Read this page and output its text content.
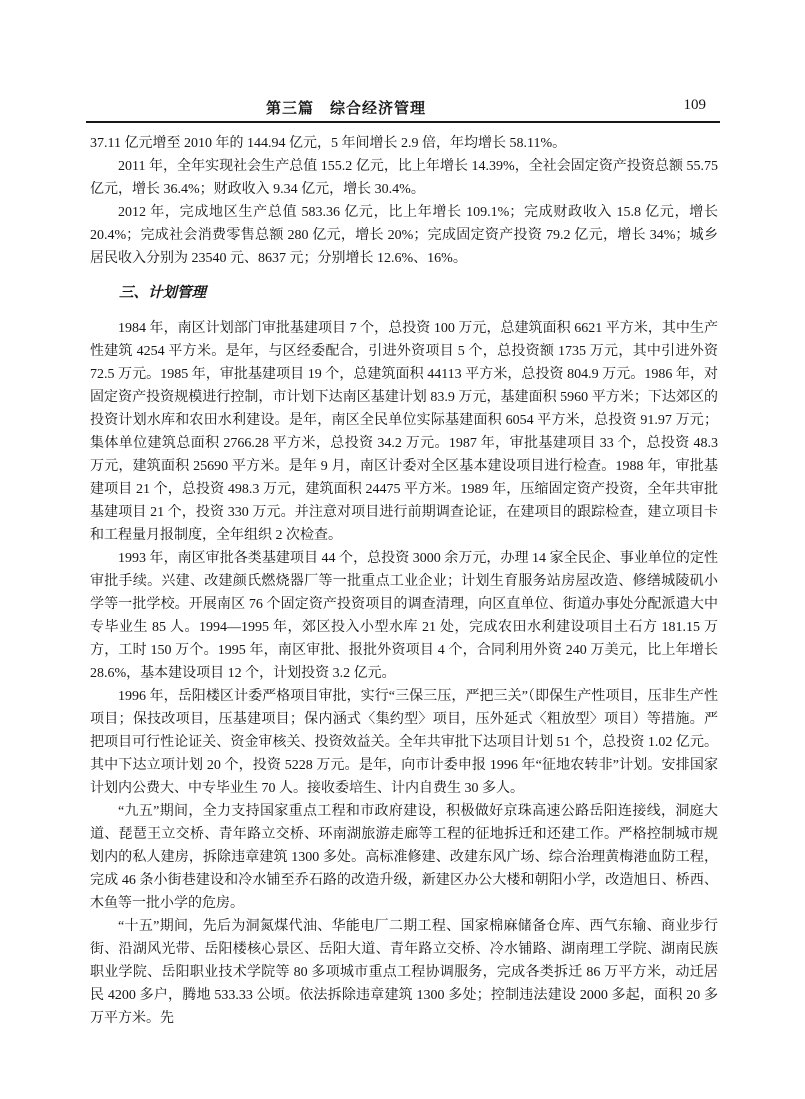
第三篇　综合经济管理	109

37.11 亿元增至 2010 年的 144.94 亿元，5 年间增长 2.9 倍，年均增长 58.11%。

2011 年，全年实现社会生产总值 155.2 亿元，比上年增长 14.39%，全社会固定资产投资总额 55.75 亿元，增长 36.4%；财政收入 9.34 亿元，增长 30.4%。

2012 年，完成地区生产总值 583.36 亿元，比上年增长 109.1%；完成财政收入 15.8 亿元，增长 20.4%；完成社会消费零售总额 280 亿元，增长 20%；完成固定资产投资 79.2 亿元，增长 34%；城乡居民收入分别为 23540 元、8637 元；分别增长 12.6%、16%。

三、计划管理

1984 年，南区计划部门审批基建项目 7 个，总投资 100 万元，总建筑面积 6621 平方米，其中生产性建筑 4254 平方米。是年，与区经委配合，引进外资项目 5 个，总投资额 1735 万元，其中引进外资 72.5 万元。1985 年，审批基建项目 19 个，总建筑面积 44113 平方米，总投资 804.9 万元。1986 年，对固定资产投资规模进行控制，市计划下达南区基建计划 83.9 万元，基建面积 5960 平方米；下达郊区的投资计划水库和农田水利建设。是年，南区全民单位实际基建面积 6054 平方米，总投资 91.97 万元；集体单位建筑总面积 2766.28 平方米，总投资 34.2 万元。1987 年，审批基建项目 33 个，总投资 48.3 万元，建筑面积 25690 平方米。是年 9 月，南区计委对全区基本建设项目进行检查。1988 年，审批基建项目 21 个，总投资 498.3 万元，建筑面积 24475 平方米。1989 年，压缩固定资产投资，全年共审批基建项目 21 个，投资 330 万元。并注意对项目进行前期调查论证，在建项目的跟踪检查，建立项目卡和工程量月报制度，全年组织 2 次检查。

1993 年，南区审批各类基建项目 44 个，总投资 3000 余万元，办理 14 家全民企、事业单位的定性审批手续。兴建、改建颜氏燃烧器厂等一批重点工业企业；计划生育服务站房屋改造、修缮城陵矶小学等一批学校。开展南区 76 个固定资产投资项目的调查清理，向区直单位、街道办事处分配派遣大中专毕业生 85 人。1994—1995 年，郊区投入小型水库 21 处，完成农田水利建设项目土石方 181.15 万方，工时 150 万个。1995 年，南区审批、报批外资项目 4 个，合同利用外资 240 万美元，比上年增长 28.6%，基本建设项目 12 个，计划投资 3.2 亿元。

1996 年，岳阳楼区计委严格项目审批，实行“三保三压，严把三关”（即保生产性项目，压非生产性项目；保技改项目，压基建项目；保内涵式〈集约型〉项目，压外延式〈粗放型〉项目）等措施。严把项目可行性论证关、资金审核关、投资效益关。全年共审批下达项目计划 51 个，总投资 1.02 亿元。其中下达立项计划 20 个，投资 5228 万元。是年，向市计委申报 1996 年“征地农转非”计划。安排国家计划内公费大、中专毕业生 70 人。接收委培生、计内自费生 30 多人。

“九五”期间，全力支持国家重点工程和市政府建设，积极做好京珠高速公路岳阳连接线，洞庭大道、琵琶王立交桥、青年路立交桥、环南湖旅游走廊等工程的征地拆迁和还建工作。严格控制城市规划内的私人建房，拆除违章建筑 1300 多处。高标准修建、改建东风广场、综合治理黄梅港血防工程，完成 46 条小街巷建设和冷水铺至乔石路的改造升级，新建区办公大楼和朝阳小学，改造旭日、桥西、木鱼等一批小学的危房。

“十五”期间，先后为洞氮煤代油、华能电厂二期工程、国家棉麻储备仓库、西气东输、商业步行街、沿湖风光带、岳阳楼核心景区、岳阳大道、青年路立交桥、冷水铺路、湖南理工学院、湖南民族职业学院、岳阳职业技术学院等 80 多项城市重点工程协调服务，完成各类拆迁 86 万平方米，动迁居民 4200 多户，腾地 533.33 公顷。依法拆除违章建筑 1300 多处；控制违法建设 2000 多起，面积 20 多万平方米。先
